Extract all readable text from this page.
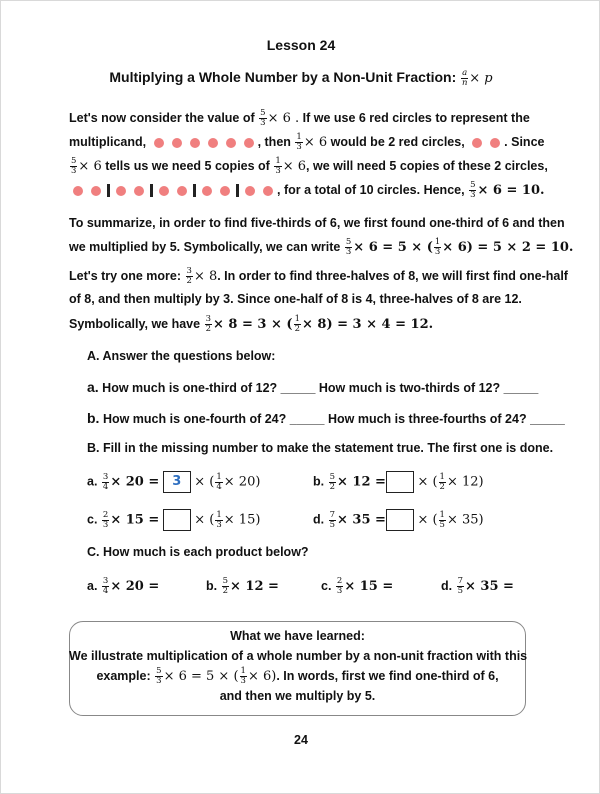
Lesson 24
Multiplying a Whole Number by a Non-Unit Fraction: 𝑎
𝑛 × 𝑝
Let's now consider the value of $\frac{5}{3} \times 6$ . If we use 6 red circles to represent the
multiplicand,	, then $\frac{1}{3} \times 6$ would be 2 red circles,	. Since
$\frac{5}{3} \times 6$ tells us we need 5 copies of $\frac{1}{3} \times 6$, we will need 5 copies of these 2 circles,
, for a total of 10 circles. Hence, $\frac{5}{3} \times 6 = 10$.
To summarize, in order to find five-thirds of 6, we first found one-third of 6 and then
we multiplied by 5. Symbolically, we can write $\frac{5}{3} \times 6 = 5$ × ( $\frac{1}{3} \times 6) = 5 \times 2 = 10$.
Let's try one more: $\frac{3}{2} \times 8$. In order to find three-halves of 8, we will first find one-half
of 8, and then multiply by 3. Since one-half of 8 is 4, three-halves of 8 are 12.
Symbolically, we have $\frac{3}{2} \times 8 = 3$ × ( $\frac{1}{2} \times 8) = 3 \times 4 = 12$.
A. Answer the questions below:
a. How much is one-third of 12? _____ How much is two-thirds of 12? _____
b. How much is one-fourth of 24? _____ How much is three-fourths of 24? _____
B. Fill in the missing number to make the statement true. The first one is done.
a. $\frac{3}{4} \times 20 = 3$ × ( $\frac{1}{4} \times 20$)	b. $\frac{5}{2} \times 12$ = × ( $\frac{1}{2} \times 12$)
c. $\frac{2}{3} \times 15$ =	× ( $\frac{1}{3} \times 15$)	d. $\frac{7}{5} \times 35$ = × ( $\frac{1}{5} \times 35$)
C. How much is each product below?
a. $\frac{3}{4} \times 20$ =	b. $\frac{5}{2} \times 12$ =	c. $\frac{2}{3} \times 15$ =	d. $\frac{7}{5} \times 35$ =
What we have learned:
We illustrate multiplication of a whole number by a non-unit fraction with this
example: $\frac{5}{3} \times 6 = 5$ × ( $\frac{1}{3} \times 6$). In words, first we find one-third of 6,
and then we multiply by 5.
24
